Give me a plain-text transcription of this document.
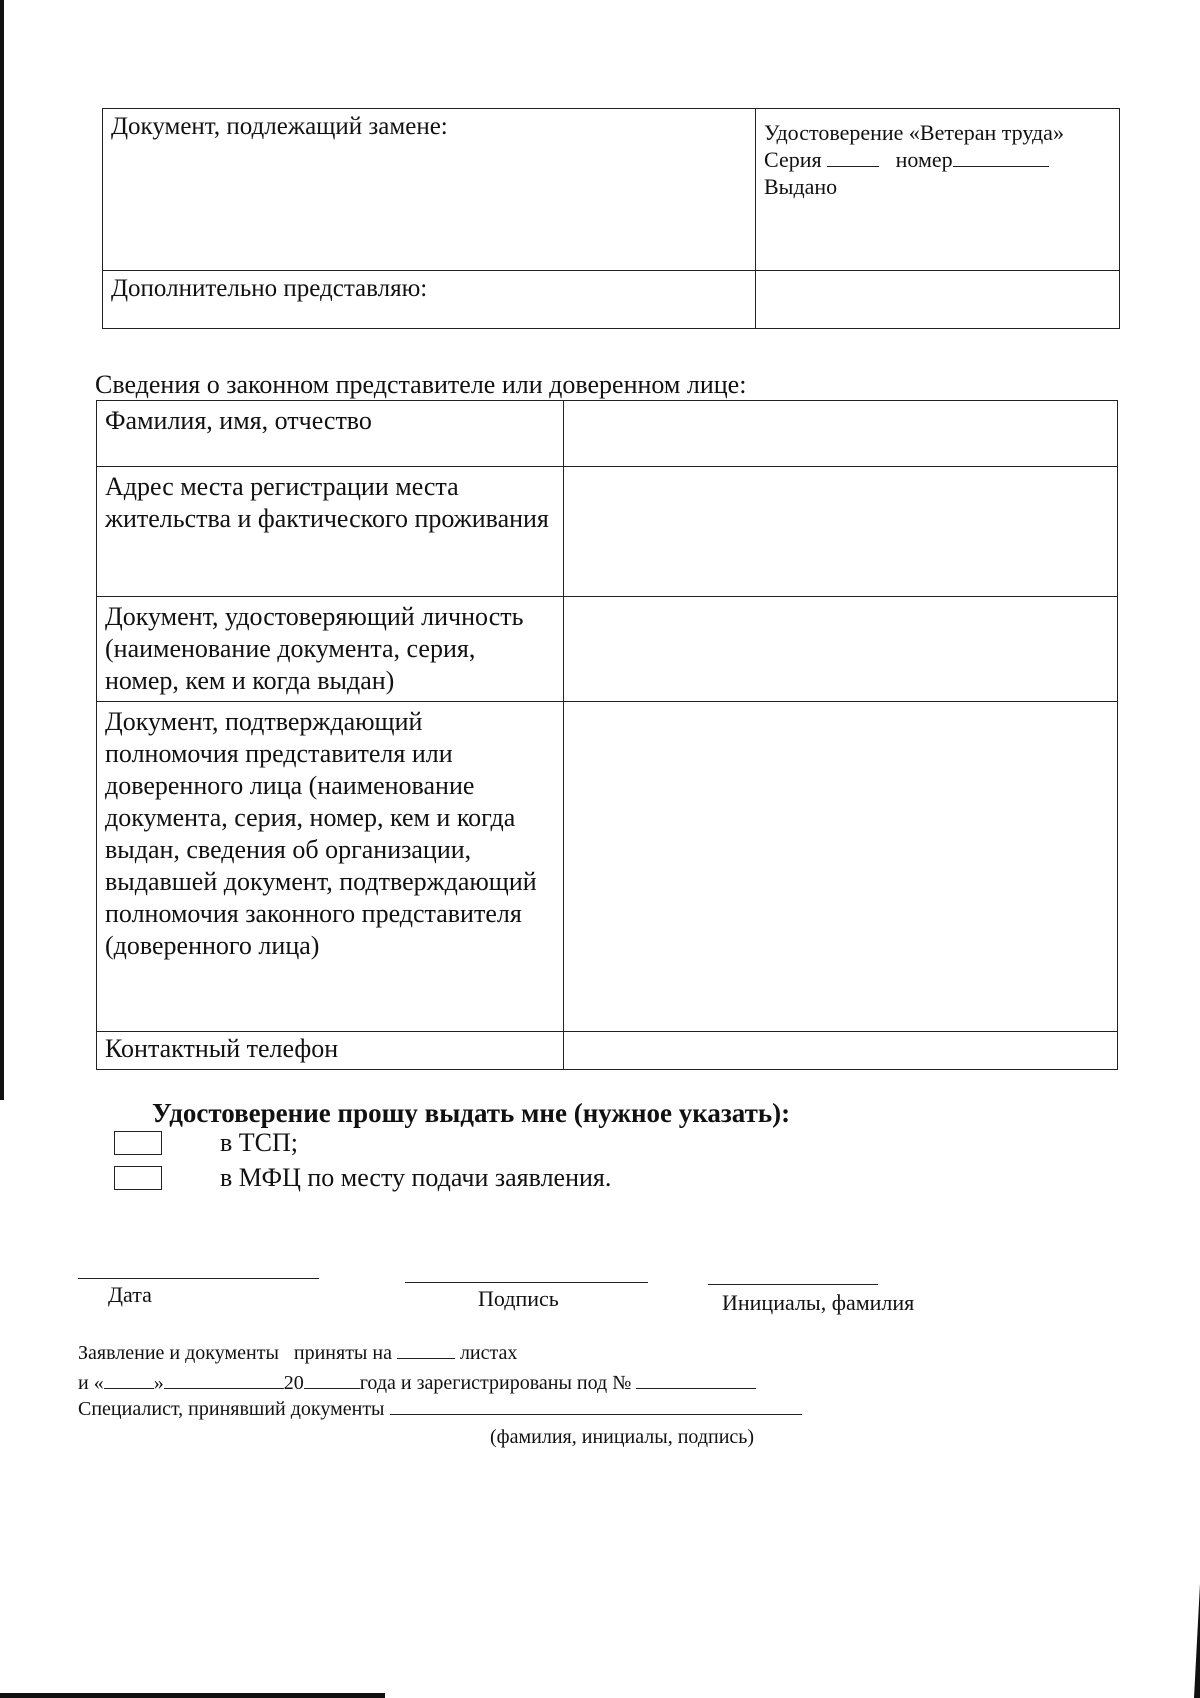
Документ, подлежащий замене:	Удостоверение «Ветеран труда»
Серия номер
Выдано

Дополнительно представляю:	
Сведения о законном представителе или доверенном лице:
Фамилия, имя, отчество	
Адрес места регистрации места жительства и фактического проживания	
Документ, удостоверяющий личность (наименование документа, серия, номер, кем и когда выдан)	
Документ, подтверждающий полномочия представителя или доверенного лица (наименование документа, серия, номер, кем и когда выдан, сведения об организации, выдавшей документ, подтверждающий полномочия законного представителя (доверенного лица)	
Контактный телефон	
Удостоверение прошу выдать мне (нужное указать):
в ТСП;
в МФЦ по месту подачи заявления.
Дата	Подпись	Инициалы, фамилия
Заявление и документы   приняты на	листах
и «	»	20	года и зарегистрированы под №
Специалист, принявший документы
(фамилия, инициалы, подпись)
